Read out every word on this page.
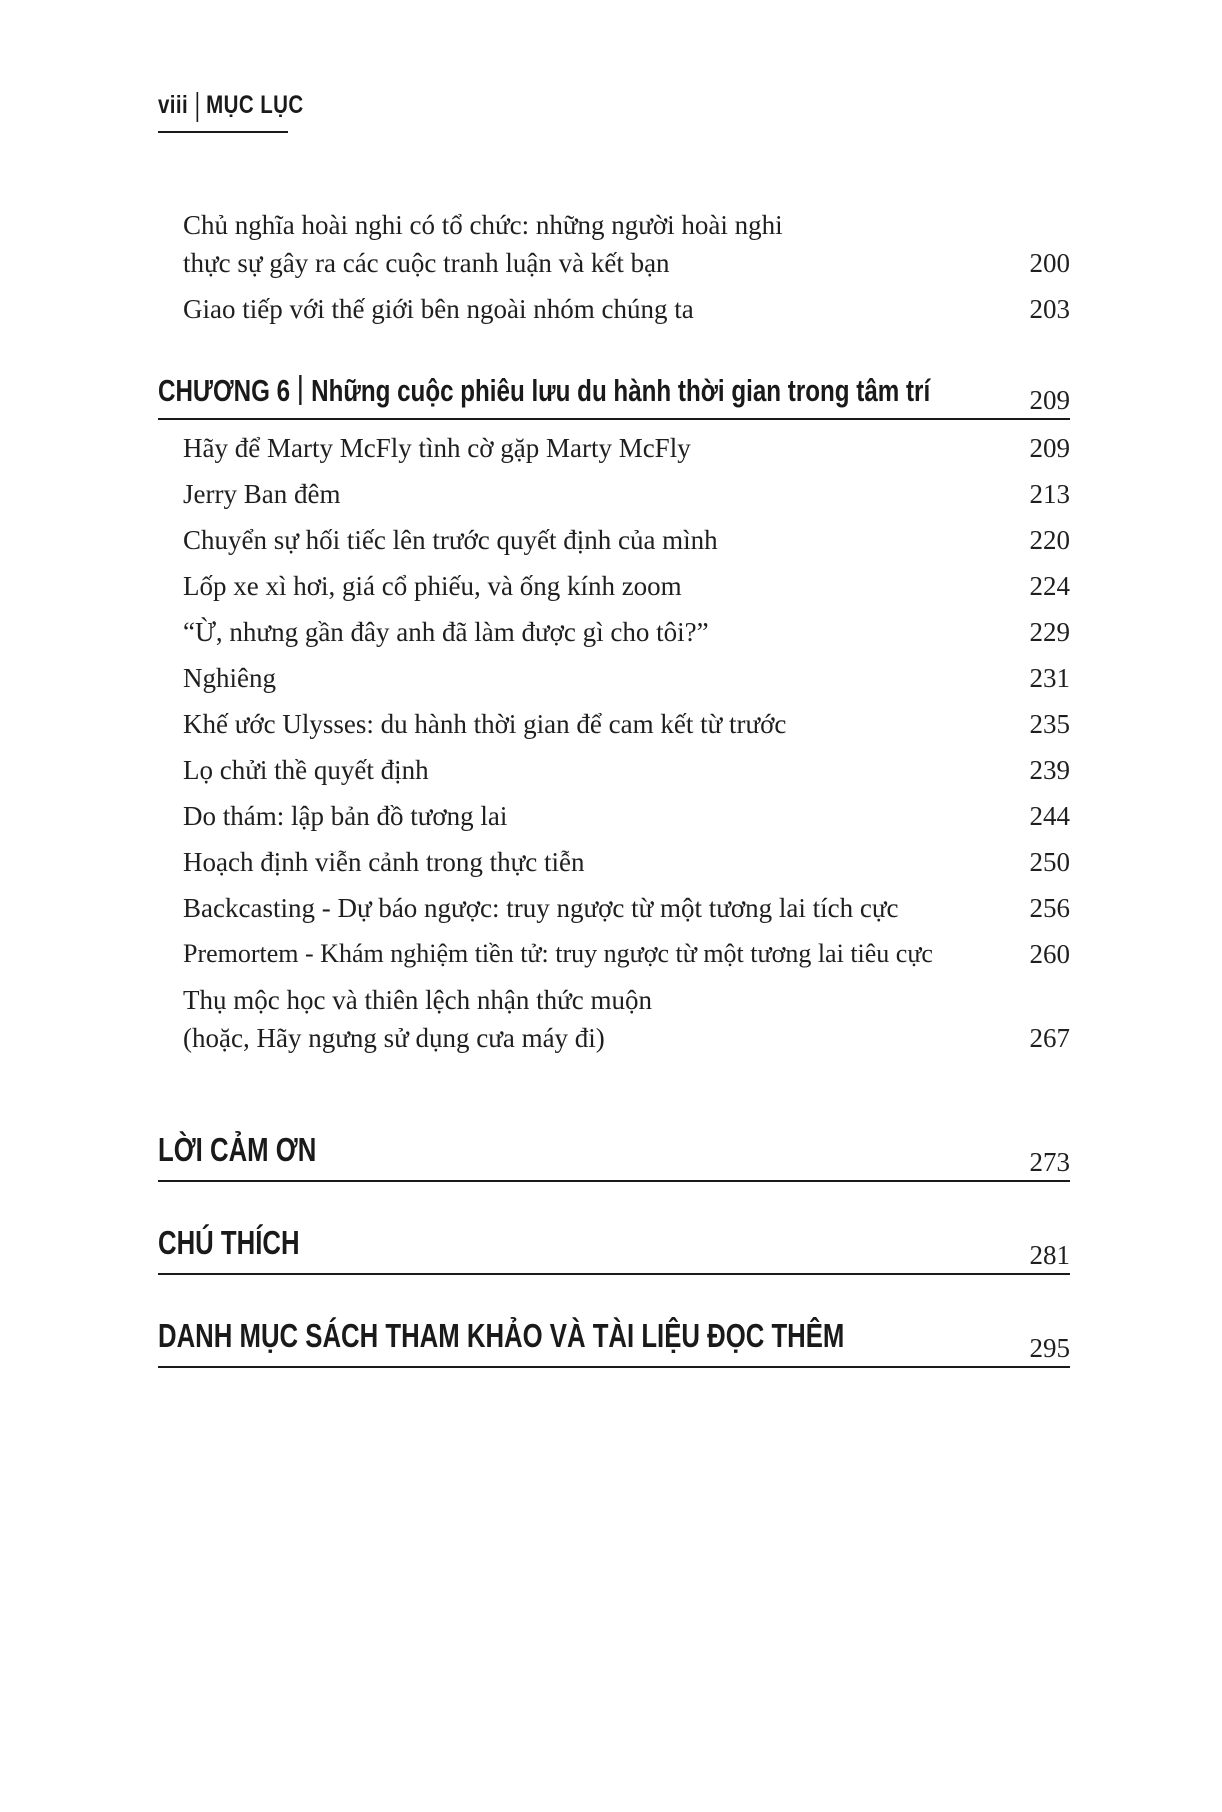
viii MỤC LỤC
Chủ nghĩa hoài nghi có tổ chức: những người hoài nghi
thực sự gây ra các cuộc tranh luận và kết bạn	200
Giao tiếp với thế giới bên ngoài nhóm chúng ta	203
CHƯƠNG 6 Những cuộc phiêu lưu du hành thời gian trong tâm trí	209
Hãy để Marty McFly tình cờ gặp Marty McFly	209
Jerry Ban đêm	213
Chuyển sự hối tiếc lên trước quyết định của mình	220
Lốp xe xì hơi, giá cổ phiếu, và ống kính zoom	224
“Ừ, nhưng gần đây anh đã làm được gì cho tôi?”	229
Nghiêng	231
Khế ước Ulysses: du hành thời gian để cam kết từ trước	235
Lọ chửi thề quyết định	239
Do thám: lập bản đồ tương lai	244
Hoạch định viễn cảnh trong thực tiễn	250
Backcasting - Dự báo ngược: truy ngược từ một tương lai tích cực	256
Premortem - Khám nghiệm tiền tử: truy ngược từ một tương lai tiêu cực	260
Thụ mộc học và thiên lệch nhận thức muộn
(hoặc, Hãy ngưng sử dụng cưa máy đi)	267
LỜI CẢM ƠN	273
CHÚ THÍCH	281
DANH MỤC SÁCH THAM KHẢO VÀ TÀI LIỆU ĐỌC THÊM	295
